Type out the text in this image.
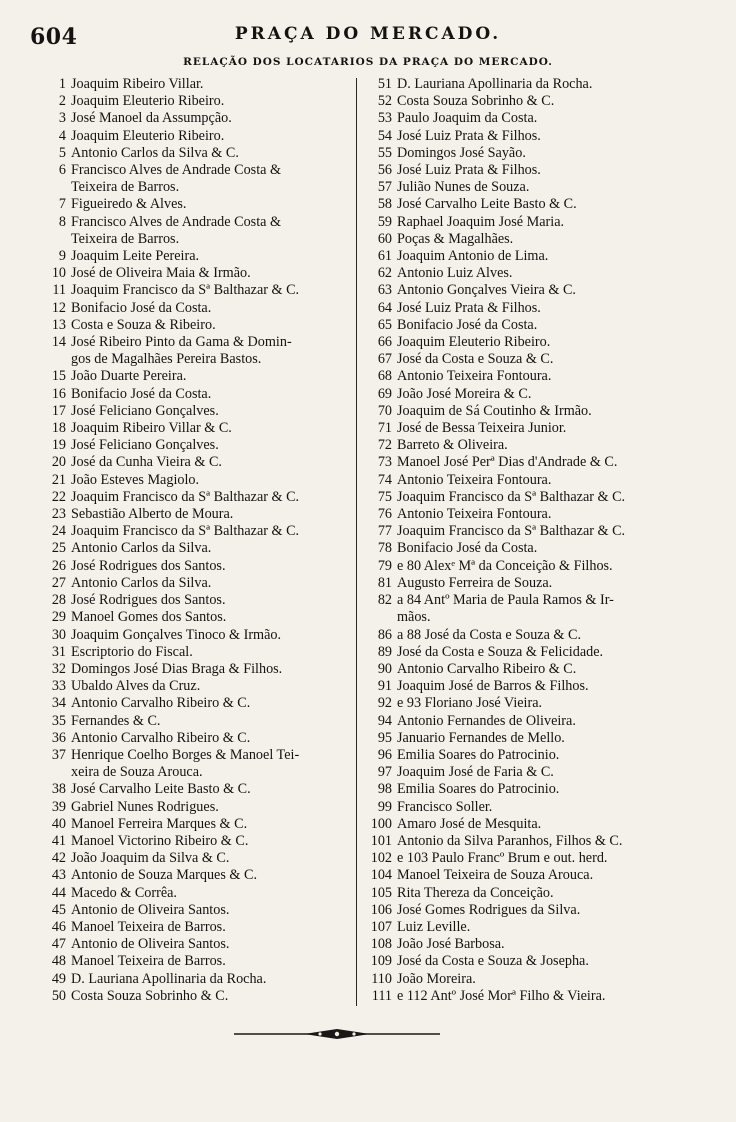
604	PRAÇA DO MERCADO.
RELAÇÃO DOS LOCATARIOS DA PRAÇA DO MERCADO.
1 Joaquim Ribeiro Villar.
2 Joaquim Eleuterio Ribeiro.
3 José Manoel da Assumpção.
4 Joaquim Eleuterio Ribeiro.
5 Antonio Carlos da Silva & C.
6 Francisco Alves de Andrade Costa &
Teixeira de Barros.
7 Figueiredo & Alves.
8 Francisco Alves de Andrade Costa &
Teixeira de Barros.
9 Joaquim Leite Pereira.
10 José de Oliveira Maia & Irmão.
11 Joaquim Francisco da Sª Balthazar & C.
12 Bonifacio José da Costa.
13 Costa e Souza & Ribeiro.
14 José Ribeiro Pinto da Gama & Domin-
gos de Magalhães Pereira Bastos.
15 João Duarte Pereira.
16 Bonifacio José da Costa.
17 José Feliciano Gonçalves.
18 Joaquim Ribeiro Villar & C.
19 José Feliciano Gonçalves.
20 José da Cunha Vieira & C.
21 João Esteves Magiolo.
22 Joaquim Francisco da Sª Balthazar & C.
23 Sebastião Alberto de Moura.
24 Joaquim Francisco da Sª Balthazar & C.
25 Antonio Carlos da Silva.
26 José Rodrigues dos Santos.
27 Antonio Carlos da Silva.
28 José Rodrigues dos Santos.
29 Manoel Gomes dos Santos.
30 Joaquim Gonçalves Tinoco & Irmão.
31 Escriptorio do Fiscal.
32 Domingos José Dias Braga & Filhos.
33 Ubaldo Alves da Cruz.
34 Antonio Carvalho Ribeiro & C.
35 Fernandes & C.
36 Antonio Carvalho Ribeiro & C.
37 Henrique Coelho Borges & Manoel Tei-
xeira de Souza Arouca.
38 José Carvalho Leite Basto & C.
39 Gabriel Nunes Rodrigues.
40 Manoel Ferreira Marques & C.
41 Manoel Victorino Ribeiro & C.
42 João Joaquim da Silva & C.
43 Antonio de Souza Marques & C.
44 Macedo & Corrêa.
45 Antonio de Oliveira Santos.
46 Manoel Teixeira de Barros.
47 Antonio de Oliveira Santos.
48 Manoel Teixeira de Barros.
49 D. Lauriana Apollinaria da Rocha.
50 Costa Souza Sobrinho & C.
51 D. Lauriana Apollinaria da Rocha.
52 Costa Souza Sobrinho & C.
53 Paulo Joaquim da Costa.
54 José Luiz Prata & Filhos.
55 Domingos José Sayão.
56 José Luiz Prata & Filhos.
57 Julião Nunes de Souza.
58 José Carvalho Leite Basto & C.
59 Raphael Joaquim José Maria.
60 Poças & Magalhães.
61 Joaquim Antonio de Lima.
62 Antonio Luiz Alves.
63 Antonio Gonçalves Vieira & C.
64 José Luiz Prata & Filhos.
65 Bonifacio José da Costa.
66 Joaquim Eleuterio Ribeiro.
67 José da Costa e Souza & C.
68 Antonio Teixeira Fontoura.
69 João José Moreira & C.
70 Joaquim de Sá Coutinho & Irmão.
71 José de Bessa Teixeira Junior.
72 Barreto & Oliveira.
73 Manoel José Perª Dias d'Andrade & C.
74 Antonio Teixeira Fontoura.
75 Joaquim Francisco da Sª Balthazar & C.
76 Antonio Teixeira Fontoura.
77 Joaquim Francisco da Sª Balthazar & C.
78 Bonifacio José da Costa.
79 e 80 Alexᵉ Mª da Conceição & Filhos.
81 Augusto Ferreira de Souza.
82 a 84 Antº Maria de Paula Ramos & Ir-
mãos.
86 a 88 José da Costa e Souza & C.
89 José da Costa e Souza & Felicidade.
90 Antonio Carvalho Ribeiro & C.
91 Joaquim José de Barros & Filhos.
92 e 93 Floriano José Vieira.
94 Antonio Fernandes de Oliveira.
95 Januario Fernandes de Mello.
96 Emilia Soares do Patrocinio.
97 Joaquim José de Faria & C.
98 Emilia Soares do Patrocinio.
99 Francisco Soller.
100 Amaro José de Mesquita.
101 Antonio da Silva Paranhos, Filhos & C.
102 e 103 Paulo Francº Brum e out. herd.
104 Manoel Teixeira de Souza Arouca.
105 Rita Thereza da Conceição.
106 José Gomes Rodrigues da Silva.
107 Luiz Leville.
108 João José Barbosa.
109 José da Costa e Souza & Josepha.
110 João Moreira.
111 e 112 Antº José Morª Filho & Vieira.
